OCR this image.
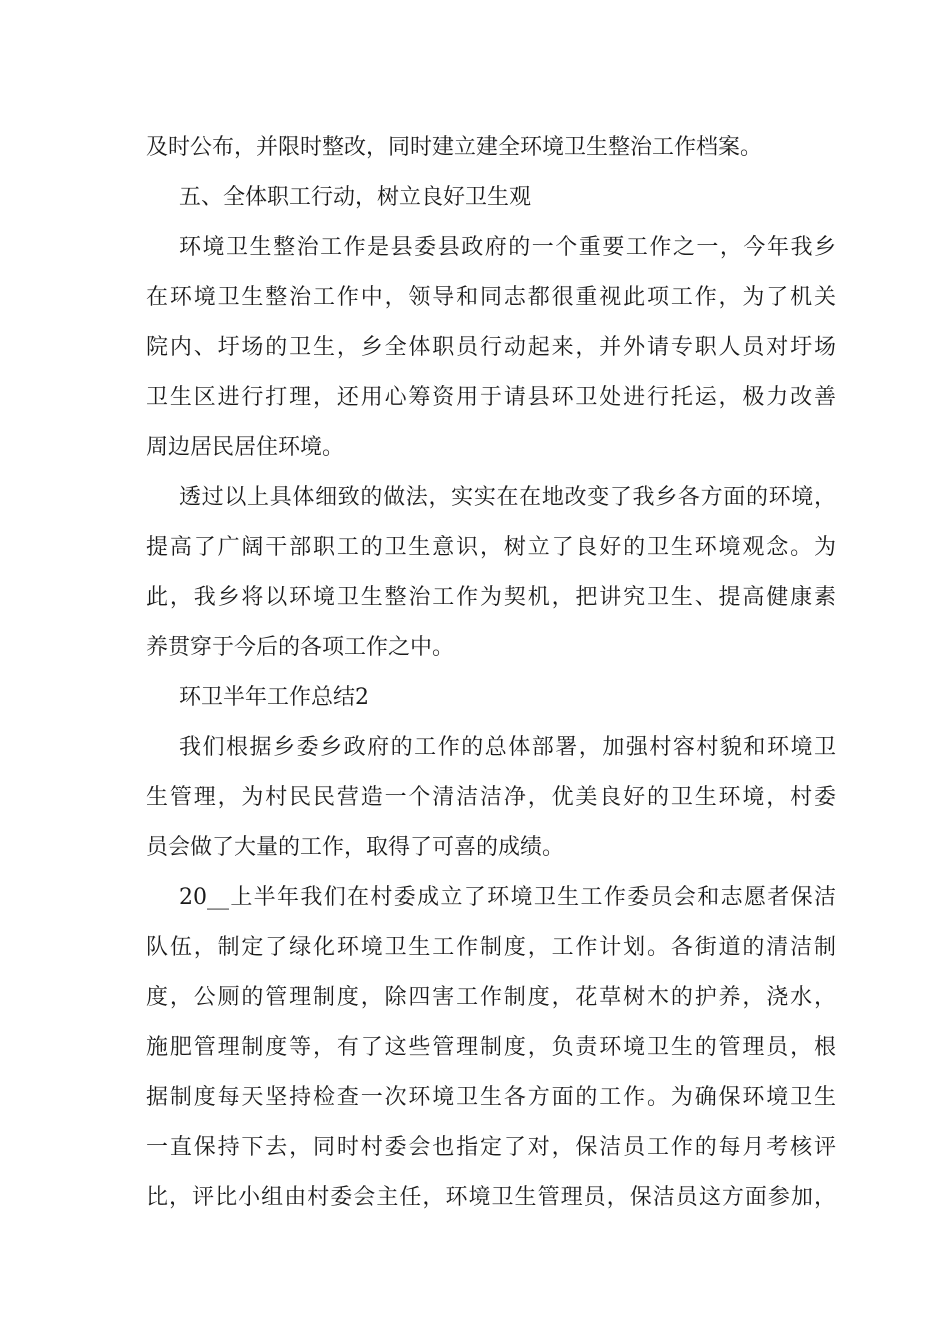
及时公布，并限时整改，同时建立建全环境卫生整治工作档案。
五、全体职工行动，树立良好卫生观
环境卫生整治工作是县委县政府的一个重要工作之一，今年我乡
在环境卫生整治工作中，领导和同志都很重视此项工作，为了机关
院内、圩场的卫生，乡全体职员行动起来，并外请专职人员对圩场
卫生区进行打理，还用心筹资用于请县环卫处进行托运，极力改善
周边居民居住环境。
透过以上具体细致的做法，实实在在地改变了我乡各方面的环境，
提高了广阔干部职工的卫生意识，树立了良好的卫生环境观念。为
此，我乡将以环境卫生整治工作为契机，把讲究卫生、提高健康素
养贯穿于今后的各项工作之中。
环卫半年工作总结2
我们根据乡委乡政府的工作的总体部署，加强村容村貌和环境卫
生管理，为村民民营造一个清洁洁净，优美良好的卫生环境，村委
员会做了大量的工作，取得了可喜的成绩。
20__上半年我们在村委成立了环境卫生工作委员会和志愿者保洁
队伍，制定了绿化环境卫生工作制度，工作计划。各街道的清洁制
度，公厕的管理制度，除四害工作制度，花草树木的护养，浇水，
施肥管理制度等，有了这些管理制度，负责环境卫生的管理员，根
据制度每天坚持检查一次环境卫生各方面的工作。为确保环境卫生
一直保持下去，同时村委会也指定了对，保洁员工作的每月考核评
比，评比小组由村委会主任，环境卫生管理员，保洁员这方面参加，
